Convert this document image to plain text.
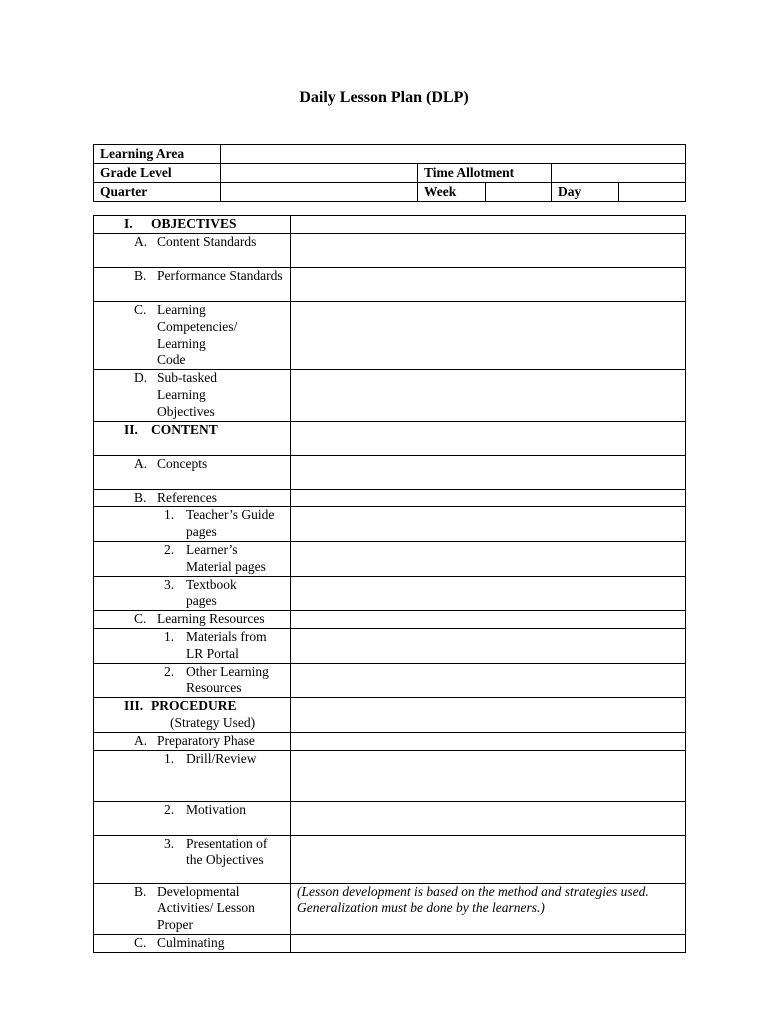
Daily Lesson Plan (DLP)
Learning Area					
Grade Level		Time Allotment			
Quarter		Week		Day	
I. OBJECTIVES	

A. Content Standards	

B. Performance Standards	

C. Learning Competencies/ Learning Code	

D. Sub-tasked Learning Objectives	

II. CONTENT	

A. Concepts	

B. References	

1. Teacher’s Guide pages	

2. Learner’s Material pages	

3. Textbook pages	

C. Learning Resources	

1. Materials from LR Portal	

2. Other Learning Resources	

III. PROCEDURE
(Strategy Used)	

A. Preparatory Phase	

1. Drill/Review	

2. Motivation	

3. Presentation of the Objectives	

B. Developmental Activities/ Lesson Proper	(Lesson development is based on the method and strategies used. Generalization must be done by the learners.)

C. Culminating	
